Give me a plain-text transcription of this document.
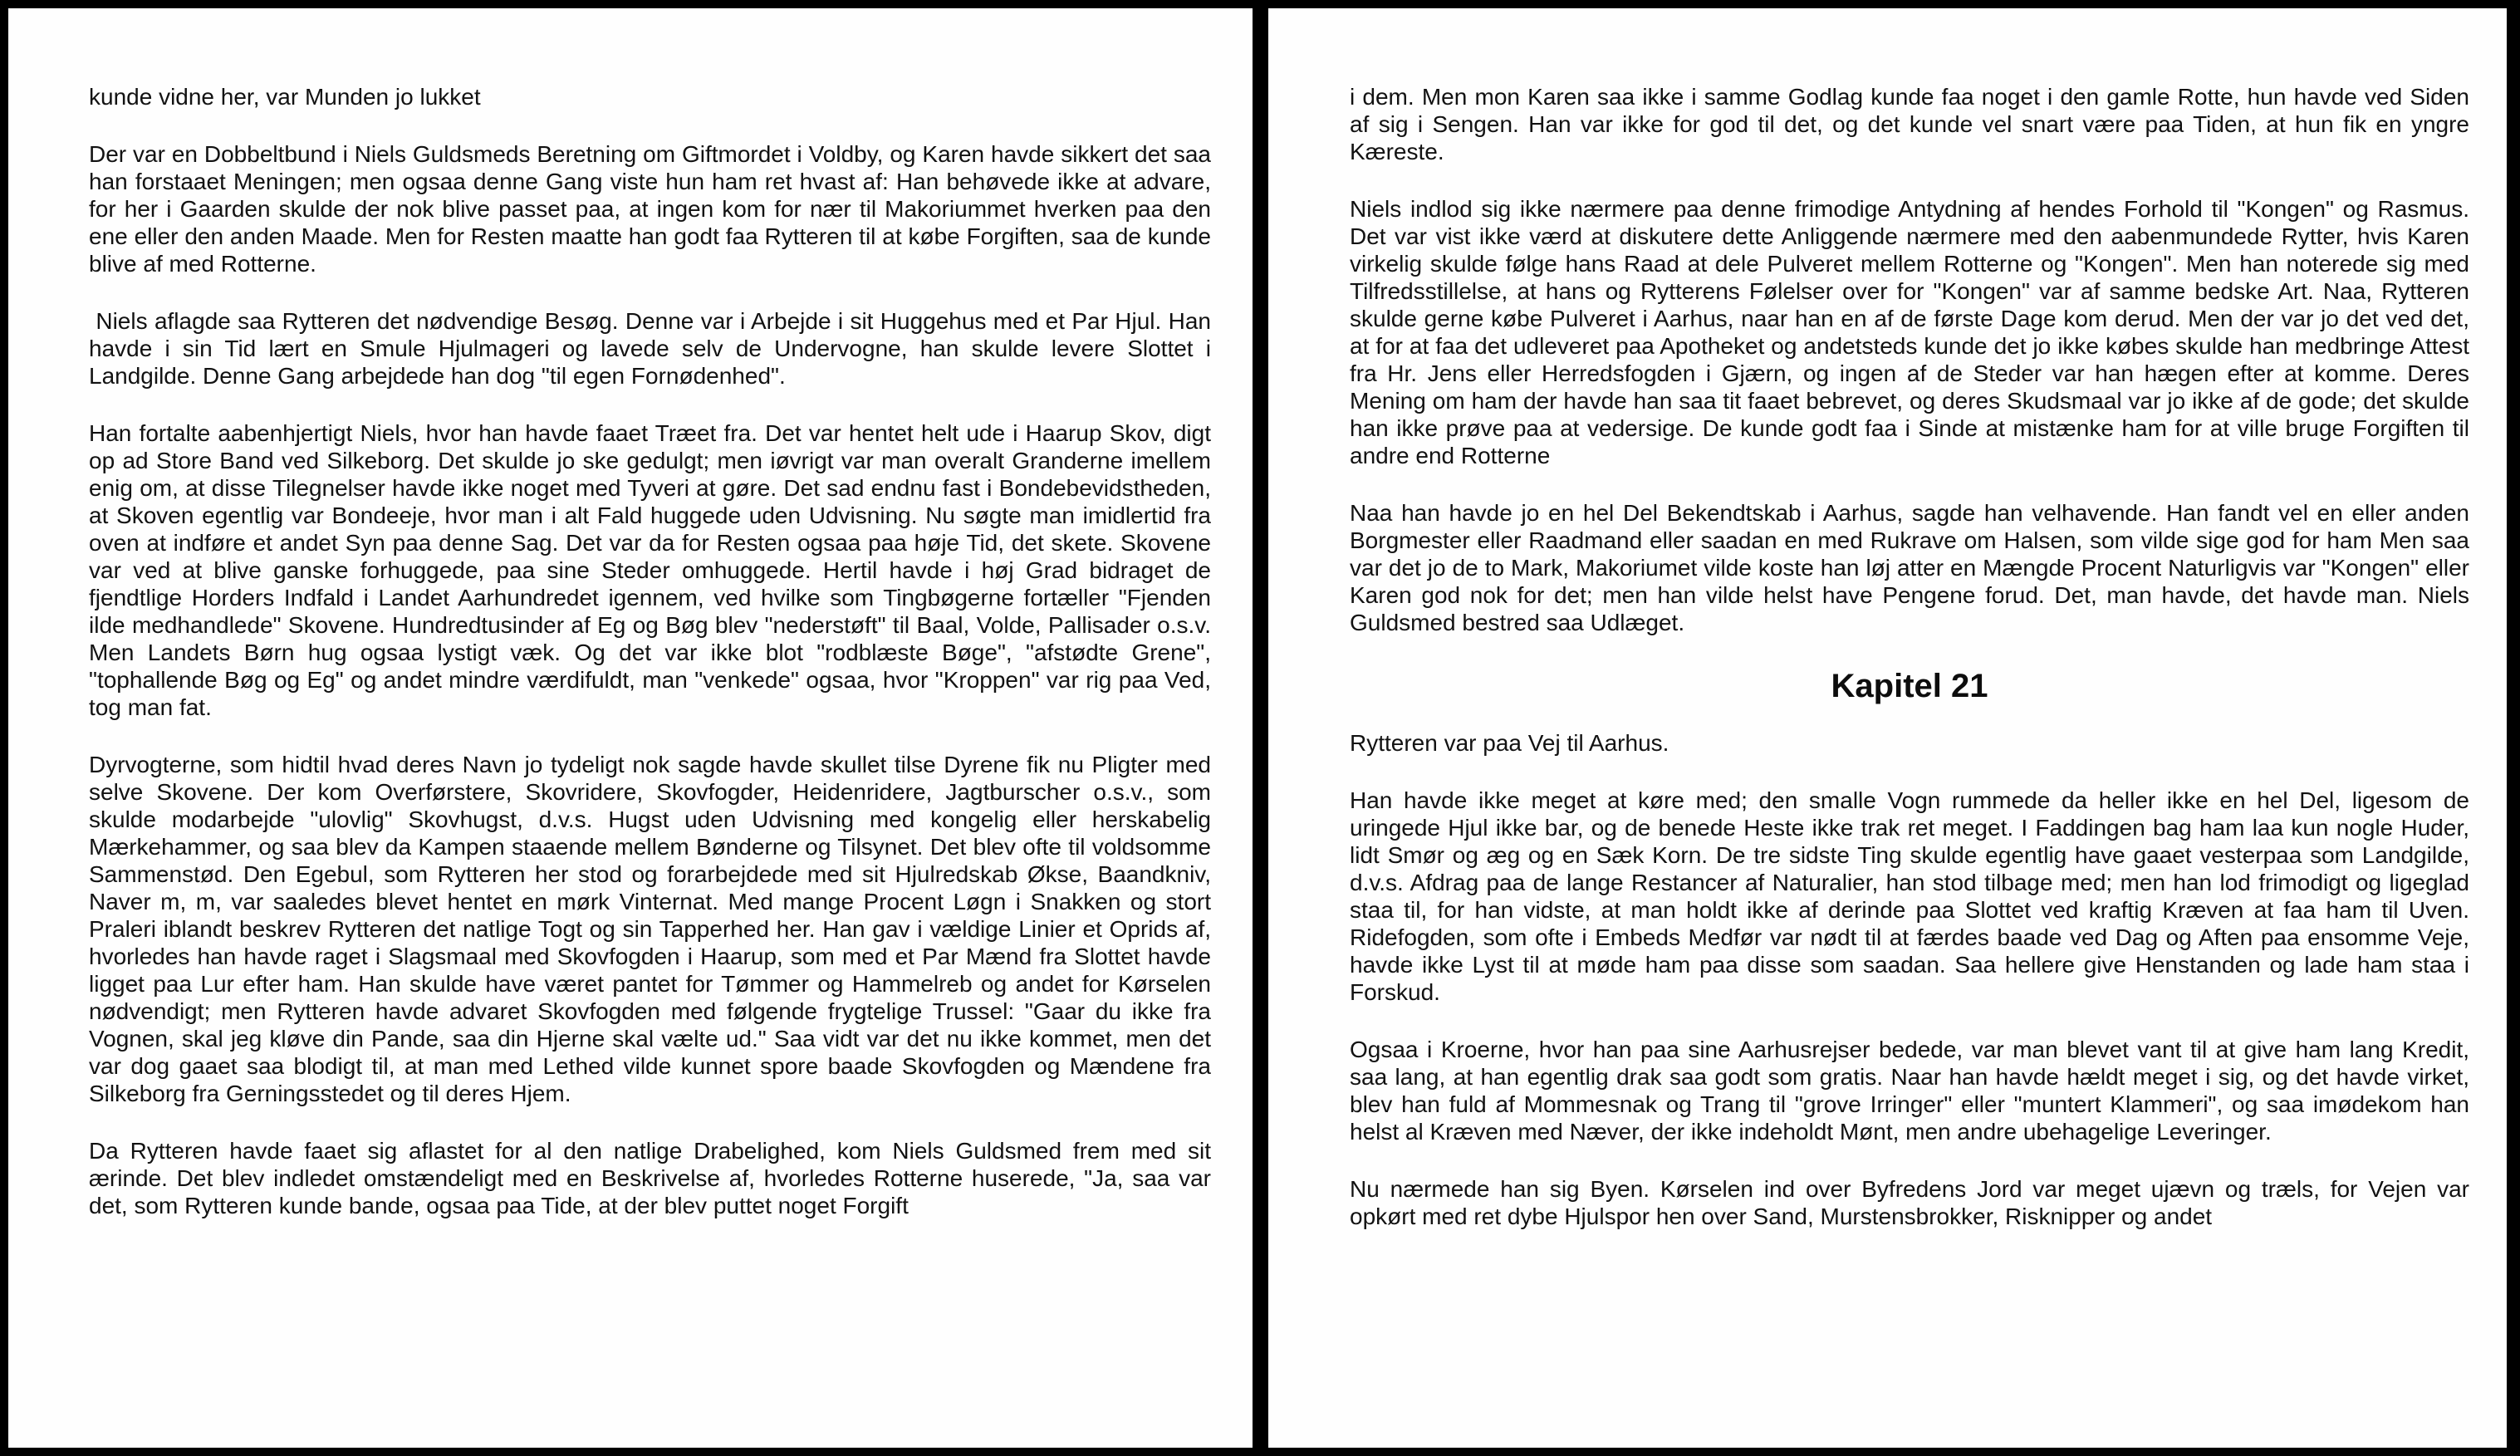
kunde vidne her, var Munden jo lukket

Der var en Dobbeltbund i Niels Guldsmeds Beretning om Giftmordet i Voldby, og Karen havde sikkert det saa han forstaaet Meningen; men ogsaa denne Gang viste hun ham ret hvast af: Han behøvede ikke at advare, for her i Gaarden skulde der nok blive passet paa, at ingen kom for nær til Makoriummet hverken paa den ene eller den anden Maade. Men for Resten maatte han godt faa Rytteren til at købe Forgiften, saa de kunde blive af med Rotterne.

Niels aflagde saa Rytteren det nødvendige Besøg. Denne var i Arbejde i sit Huggehus med et Par Hjul. Han havde i sin Tid lært en Smule Hjulmageri og lavede selv de Undervogne, han skulde levere Slottet i Landgilde. Denne Gang arbejdede han dog "til egen Fornødenhed".

Han fortalte aabenhjertigt Niels, hvor han havde faaet Træet fra. Det var hentet helt ude i Haarup Skov, digt op ad Store Band ved Silkeborg. Det skulde jo ske gedulgt; men iøvrigt var man overalt Granderne imellem enig om, at disse Tilegnelser havde ikke noget med Tyveri at gøre. Det sad endnu fast i Bondebevidstheden, at Skoven egentlig var Bondeeje, hvor man i alt Fald huggede uden Udvisning. Nu søgte man imidlertid fra oven at indføre et andet Syn paa denne Sag. Det var da for Resten ogsaa paa høje Tid, det skete. Skovene var ved at blive ganske forhuggede, paa sine Steder omhuggede. Hertil havde i høj Grad bidraget de fjendtlige Horders Indfald i Landet Aarhundredet igennem, ved hvilke som Tingbøgerne fortæller "Fjenden ilde medhandlede" Skovene. Hundredtusinder af Eg og Bøg blev "nederstøft" til Baal, Volde, Pallisader o.s.v. Men Landets Børn hug ogsaa lystigt væk. Og det var ikke blot "rodblæste Bøge", "afstødte Grene", "tophallende Bøg og Eg" og andet mindre værdifuldt, man "venkede" ogsaa, hvor "Kroppen" var rig paa Ved, tog man fat.

Dyrvogterne, som hidtil hvad deres Navn jo tydeligt nok sagde havde skullet tilse Dyrene fik nu Pligter med selve Skovene. Der kom Overførstere, Skovridere, Skovfogder, Heidenridere, Jagtburscher o.s.v., som skulde modarbejde "ulovlig" Skovhugst, d.v.s. Hugst uden Udvisning med kongelig eller herskabelig Mærkehammer, og saa blev da Kampen staaende mellem Bønderne og Tilsynet. Det blev ofte til voldsomme Sammenstød. Den Egebul, som Rytteren her stod og forarbejdede med sit Hjulredskab Økse, Baandkniv, Naver m, m, var saaledes blevet hentet en mørk Vinternat. Med mange Procent Løgn i Snakken og stort Praleri iblandt beskrev Rytteren det natlige Togt og sin Tapperhed her. Han gav i vældige Linier et Oprids af, hvorledes han havde raget i Slagsmaal med Skovfogden i Haarup, som med et Par Mænd fra Slottet havde ligget paa Lur efter ham. Han skulde have været pantet for Tømmer og Hammelreb og andet for Kørselen nødvendigt; men Rytteren havde advaret Skovfogden med følgende frygtelige Trussel: "Gaar du ikke fra Vognen, skal jeg kløve din Pande, saa din Hjerne skal vælte ud." Saa vidt var det nu ikke kommet, men det var dog gaaet saa blodigt til, at man med Lethed vilde kunnet spore baade Skovfogden og Mændene fra Silkeborg fra Gerningsstedet og til deres Hjem.

Da Rytteren havde faaet sig aflastet for al den natlige Drabelighed, kom Niels Guldsmed frem med sit ærinde. Det blev indledet omstændeligt med en Beskrivelse af, hvorledes Rotterne huserede, "Ja, saa var det, som Rytteren kunde bande, ogsaa paa Tide, at der blev puttet noget Forgift

i dem. Men mon Karen saa ikke i samme Godlag kunde faa noget i den gamle Rotte, hun havde ved Siden af sig i Sengen. Han var ikke for god til det, og det kunde vel snart være paa Tiden, at hun fik en yngre Kæreste.

Niels indlod sig ikke nærmere paa denne frimodige Antydning af hendes Forhold til "Kongen" og Rasmus. Det var vist ikke værd at diskutere dette Anliggende nærmere med den aabenmundede Rytter, hvis Karen virkelig skulde følge hans Raad at dele Pulveret mellem Rotterne og "Kongen". Men han noterede sig med Tilfredsstillelse, at hans og Rytterens Følelser over for "Kongen" var af samme bedske Art. Naa, Rytteren skulde gerne købe Pulveret i Aarhus, naar han en af de første Dage kom derud. Men der var jo det ved det, at for at faa det udleveret paa Apotheket og andetsteds kunde det jo ikke købes skulde han medbringe Attest fra Hr. Jens eller Herredsfogden i Gjærn, og ingen af de Steder var han hægen efter at komme. Deres Mening om ham der havde han saa tit faaet bebrevet, og deres Skudsmaal var jo ikke af de gode; det skulde han ikke prøve paa at vedersige. De kunde godt faa i Sinde at mistænke ham for at ville bruge Forgiften til andre end Rotterne

Naa han havde jo en hel Del Bekendtskab i Aarhus, sagde han velhavende. Han fandt vel en eller anden Borgmester eller Raadmand eller saadan en med Rukrave om Halsen, som vilde sige god for ham Men saa var det jo de to Mark, Makoriumet vilde koste han løj atter en Mængde Procent Naturligvis var "Kongen" eller Karen god nok for det; men han vilde helst have Pengene forud. Det, man havde, det havde man. Niels Guldsmed bestred saa Udlæget.

Kapitel 21

Rytteren var paa Vej til Aarhus.

Han havde ikke meget at køre med; den smalle Vogn rummede da heller ikke en hel Del, ligesom de uringede Hjul ikke bar, og de benede Heste ikke trak ret meget. I Faddingen bag ham laa kun nogle Huder, lidt Smør og æg og en Sæk Korn. De tre sidste Ting skulde egentlig have gaaet vesterpaa som Landgilde, d.v.s. Afdrag paa de lange Restancer af Naturalier, han stod tilbage med; men han lod frimodigt og ligeglad staa til, for han vidste, at man holdt ikke af derinde paa Slottet ved kraftig Kræven at faa ham til Uven. Ridefogden, som ofte i Embeds Medfør var nødt til at færdes baade ved Dag og Aften paa ensomme Veje, havde ikke Lyst til at møde ham paa disse som saadan. Saa hellere give Henstanden og lade ham staa i Forskud.

Ogsaa i Kroerne, hvor han paa sine Aarhusrejser bedede, var man blevet vant til at give ham lang Kredit, saa lang, at han egentlig drak saa godt som gratis. Naar han havde hældt meget i sig, og det havde virket, blev han fuld af Mommesnak og Trang til "grove Irringer" eller "muntert Klammeri", og saa imødekom han helst al Kræven med Næver, der ikke indeholdt Mønt, men andre ubehagelige Leveringer.

Nu nærmede han sig Byen. Kørselen ind over Byfredens Jord var meget ujævn og træls, for Vejen var opkørt med ret dybe Hjulspor hen over Sand, Murstensbrokker, Risknipper og andet
